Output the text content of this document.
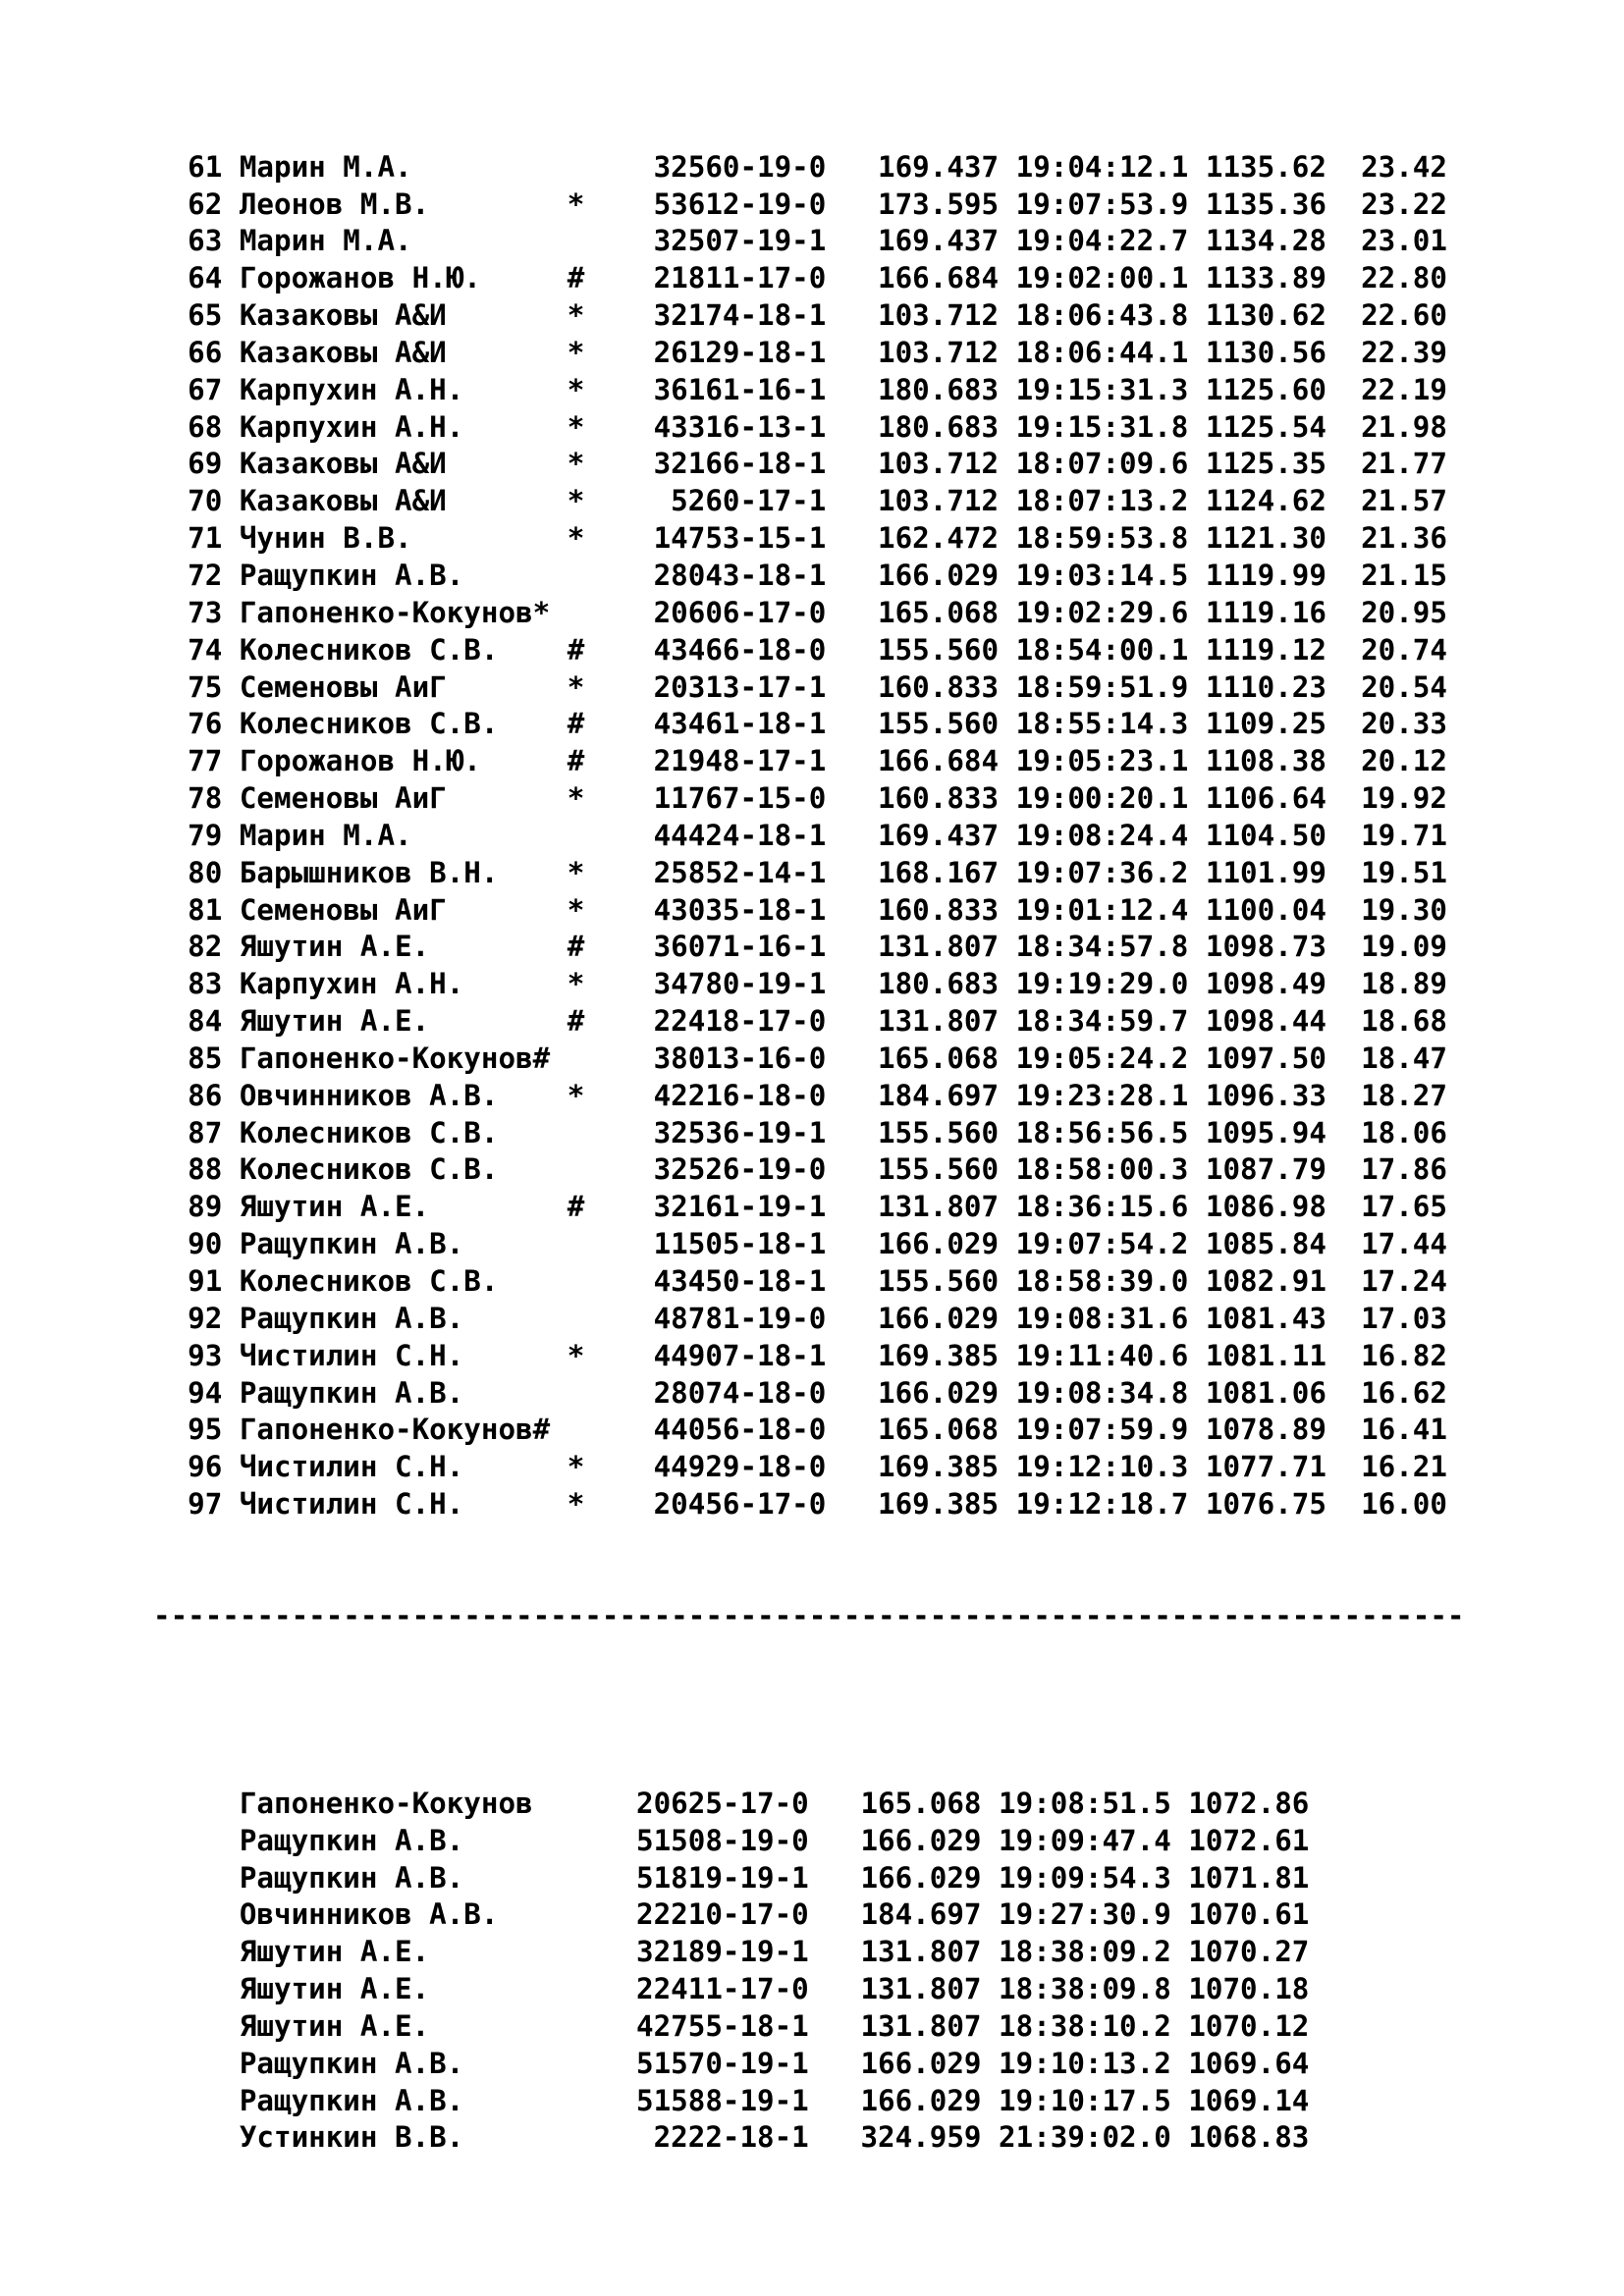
61 Марин М.А.              32560-19-0   169.437 19:04:12.1 1135.62  23.42
62 Леонов М.В.        *    53612-19-0   173.595 19:07:53.9 1135.36  23.22
63 Марин М.А.              32507-19-1   169.437 19:04:22.7 1134.28  23.01
64 Горожанов Н.Ю.     #    21811-17-0   166.684 19:02:00.1 1133.89  22.80
65 Казаковы А&И       *    32174-18-1   103.712 18:06:43.8 1130.62  22.60
66 Казаковы А&И       *    26129-18-1   103.712 18:06:44.1 1130.56  22.39
67 Карпухин А.Н.      *    36161-16-1   180.683 19:15:31.3 1125.60  22.19
68 Карпухин А.Н.      *    43316-13-1   180.683 19:15:31.8 1125.54  21.98
69 Казаковы А&И       *    32166-18-1   103.712 18:07:09.6 1125.35  21.77
70 Казаковы А&И       *     5260-17-1   103.712 18:07:13.2 1124.62  21.57
71 Чунин В.В.         *    14753-15-1   162.472 18:59:53.8 1121.30  21.36
72 Ращупкин А.В.           28043-18-1   166.029 19:03:14.5 1119.99  21.15
73 Гапоненко-Кокунов*      20606-17-0   165.068 19:02:29.6 1119.16  20.95
74 Колесников С.В.    #    43466-18-0   155.560 18:54:00.1 1119.12  20.74
75 Семеновы АиГ       *    20313-17-1   160.833 18:59:51.9 1110.23  20.54
76 Колесников С.В.    #    43461-18-1   155.560 18:55:14.3 1109.25  20.33
77 Горожанов Н.Ю.     #    21948-17-1   166.684 19:05:23.1 1108.38  20.12
78 Семеновы АиГ       *    11767-15-0   160.833 19:00:20.1 1106.64  19.92
79 Марин М.А.              44424-18-1   169.437 19:08:24.4 1104.50  19.71
80 Барышников В.Н.    *    25852-14-1   168.167 19:07:36.2 1101.99  19.51
81 Семеновы АиГ       *    43035-18-1   160.833 19:01:12.4 1100.04  19.30
82 Яшутин А.Е.        #    36071-16-1   131.807 18:34:57.8 1098.73  19.09
83 Карпухин А.Н.      *    34780-19-1   180.683 19:19:29.0 1098.49  18.89
84 Яшутин А.Е.        #    22418-17-0   131.807 18:34:59.7 1098.44  18.68
85 Гапоненко-Кокунов#      38013-16-0   165.068 19:05:24.2 1097.50  18.47
86 Овчинников А.В.    *    42216-18-0   184.697 19:23:28.1 1096.33  18.27
87 Колесников С.В.         32536-19-1   155.560 18:56:56.5 1095.94  18.06
88 Колесников С.В.         32526-19-0   155.560 18:58:00.3 1087.79  17.86
89 Яшутин А.Е.        #    32161-19-1   131.807 18:36:15.6 1086.98  17.65
90 Ращупкин А.В.           11505-18-1   166.029 19:07:54.2 1085.84  17.44
91 Колесников С.В.         43450-18-1   155.560 18:58:39.0 1082.91  17.24
92 Ращупкин А.В.           48781-19-0   166.029 19:08:31.6 1081.43  17.03
93 Чистилин С.Н.      *    44907-18-1   169.385 19:11:40.6 1081.11  16.82
94 Ращупкин А.В.           28074-18-0   166.029 19:08:34.8 1081.06  16.62
95 Гапоненко-Кокунов#      44056-18-0   165.068 19:07:59.9 1078.89  16.41
96 Чистилин С.Н.      *    44929-18-0   169.385 19:12:10.3 1077.71  16.21
97 Чистилин С.Н.      *    20456-17-0   169.385 19:12:18.7 1076.75  16.00

----------------------------------------------------------------------------

Гапоненко-Кокунов      20625-17-0   165.068 19:08:51.5 1072.86
Ращупкин А.В.          51508-19-0   166.029 19:09:47.4 1072.61
Ращупкин А.В.          51819-19-1   166.029 19:09:54.3 1071.81
Овчинников А.В.        22210-17-0   184.697 19:27:30.9 1070.61
Яшутин А.Е.            32189-19-1   131.807 18:38:09.2 1070.27
Яшутин А.Е.            22411-17-0   131.807 18:38:09.8 1070.18
Яшутин А.Е.            42755-18-1   131.807 18:38:10.2 1070.12
Ращупкин А.В.          51570-19-1   166.029 19:10:13.2 1069.64
Ращупкин А.В.          51588-19-1   166.029 19:10:17.5 1069.14
Устинкин В.В.           2222-18-1   324.959 21:39:02.0 1068.83
